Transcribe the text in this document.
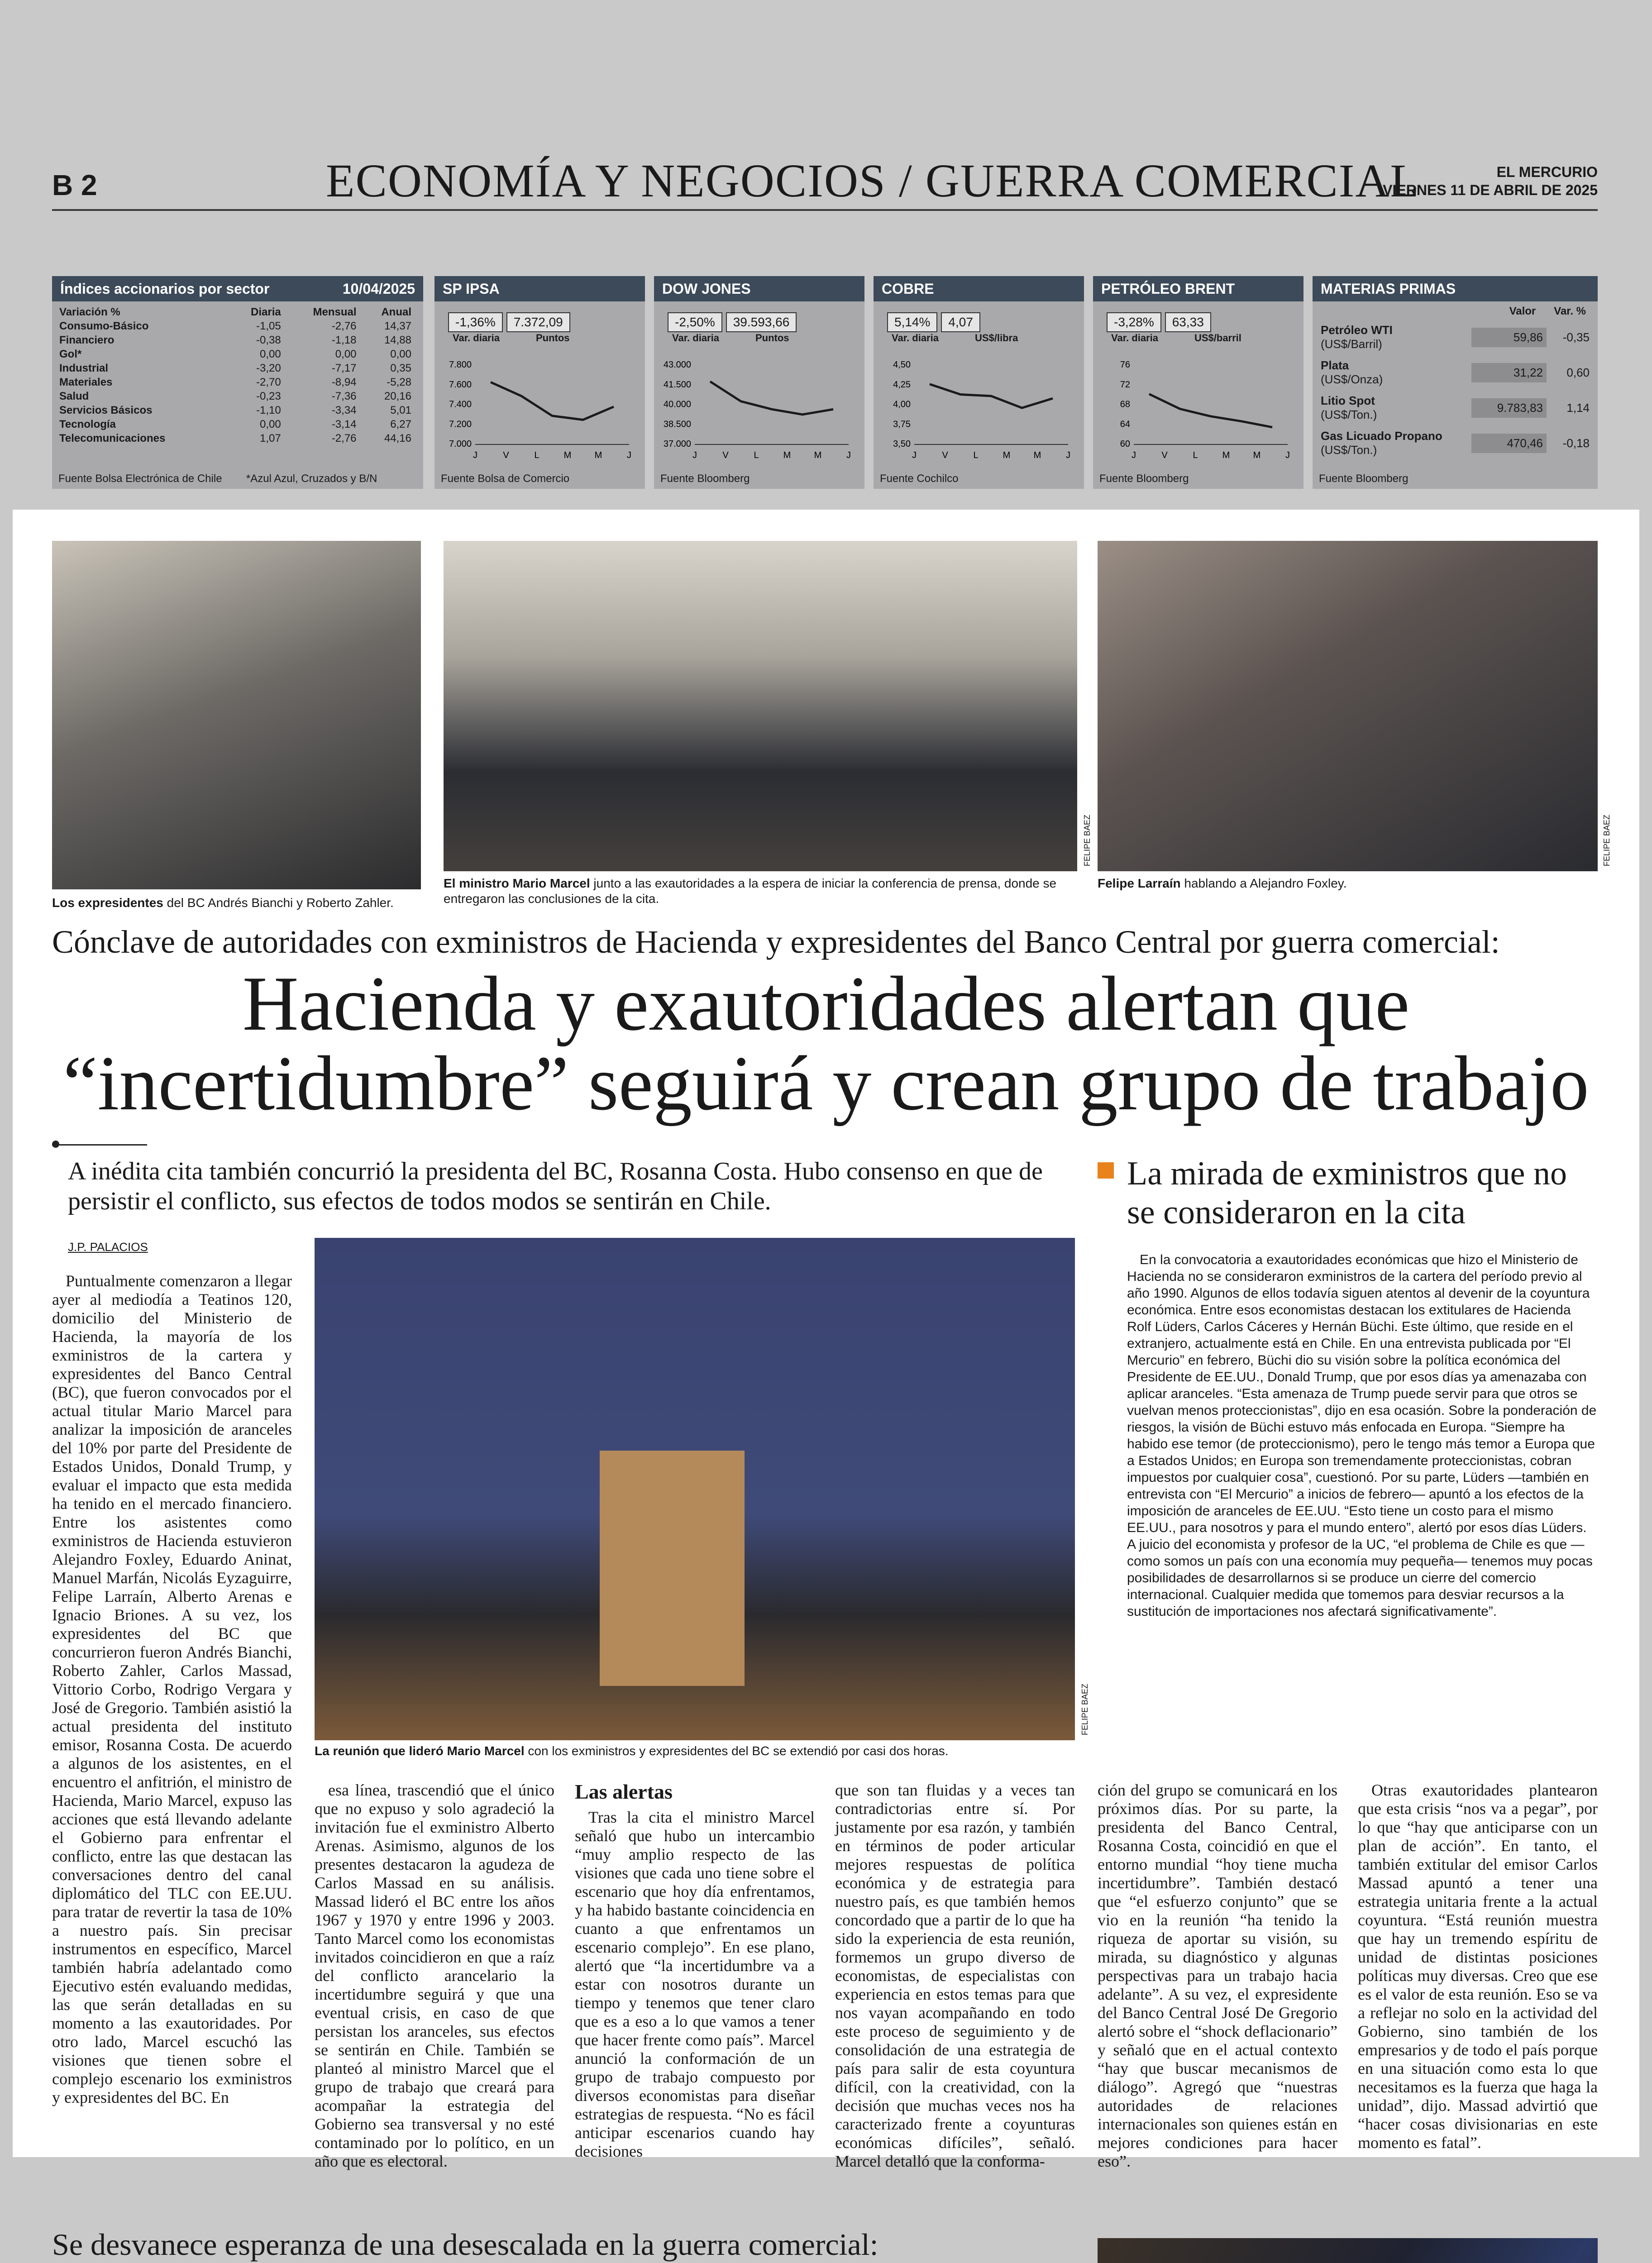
B 2	ECONOMÍA Y NEGOCIOS / GUERRA COMERCIAL	EL MERCURIO
VIERNES 11 DE ABRIL DE 2025
Índices accionarios por sector	10/04/2025
Variación %	Diaria	Mensual	Anual
Consumo-Básico	-1,05	-2,76	14,37
Financiero	-0,38	-1,18	14,88
Gol*	0,00	0,00	0,00
Industrial	-3,20	-7,17	0,35
Materiales	-2,70	-8,94	-5,28
Salud	-0,23	-7,36	20,16
Servicios Básicos	-1,10	-3,34	5,01
Tecnología	0,00	-3,14	6,27
Telecomunicaciones	1,07	-2,76	44,16
Fuente Bolsa Electrónica de Chile *Azul Azul, Cruzados y B/N
SP IPSA
-1,36% 7.372,09
Var. diaria	Puntos
7.800
7.600
7.400
7.200
7.000
J	V	L	M	M	J
Fuente Bolsa de Comercio
DOW JONES
-2,50% 39.593,66
Var. diaria	Puntos
43.000
41.500
40.000
38.500
37.000
J	V	L	M	M	J
Fuente Bloomberg
COBRE
5,14% 4,07
Var. diaria	US$/libra
4,50
4,25
4,00
3,75
3,50
J	V	L	M	M	J
Fuente Cochilco
PETRÓLEO BRENT
-3,28% 63,33
Var. diaria	US$/barril
76
72
68
64
60
J	V	L	M	M	J
Fuente Bloomberg
MATERIAS PRIMAS
Valor Var. %
Petróleo WTI
(US$/Barril)
59,86	-0,35
Plata
(US$/Onza)
31,22	0,60
Litio Spot
(US$/Ton.)
9.783,83	1,14
Gas Licuado Propano
(US$/Ton.)
470,46	-0,18
Fuente Bloomberg
Los expresidentes del BC Andrés Bianchi y Roberto Zahler.
El ministro Mario Marcel junto a las exautoridades a la espera de iniciar la conferencia de prensa, donde se entregaron las conclusiones de la cita.
FELIPE BAEZ
Felipe Larraín hablando a Alejandro Foxley.
FELIPE BAEZ
Cónclave de autoridades con exministros de Hacienda y expresidentes del Banco Central por guerra comercial:
Hacienda y exautoridades alertan que
“incertidumbre” seguirá y crean grupo de trabajo
A inédita cita también concurrió la presidenta del BC, Rosanna Costa. Hubo consenso en que de persistir el conflicto, sus efectos de todos modos se sentirán en Chile.
J.P. PALACIOS

Puntualmente comenzaron a llegar ayer al mediodía a Teatinos 120, domicilio del Ministerio de Hacienda, la mayoría de los exministros de la cartera y expresidentes del Banco Central (BC), que fueron convocados por el actual titular Mario Marcel para analizar la imposición de aranceles del 10% por parte del Presidente de Estados Unidos, Donald Trump, y evaluar el impacto que esta medida ha tenido en el mercado financiero. Entre los asistentes como exministros de Hacienda estuvieron Alejandro Foxley, Eduardo Aninat, Manuel Marfán, Nicolás Eyzaguirre, Felipe Larraín, Alberto Arenas e Ignacio Briones. A su vez, los expresidentes del BC que concurrieron fueron Andrés Bianchi, Roberto Zahler, Carlos Massad, Vittorio Corbo, Rodrigo Vergara y José de Gregorio. También asistió la actual presidenta del instituto emisor, Rosanna Costa. De acuerdo a algunos de los asistentes, en el encuentro el anfitrión, el ministro de Hacienda, Mario Marcel, expuso las acciones que está llevando adelante el Gobierno para enfrentar el conflicto, entre las que destacan las conversaciones dentro del canal diplomático del TLC con EE.UU. para tratar de revertir la tasa de 10% a nuestro país. Sin precisar instrumentos en específico, Marcel también habría adelantado como Ejecutivo estén evaluando medidas, las que serán detalladas en su momento a las exautoridades. Por otro lado, Marcel escuchó las visiones que tienen sobre el complejo escenario los exministros y expresidentes del BC. En

FELIPE BAEZ
La reunión que lideró Mario Marcel con los exministros y expresidentes del BC se extendió por casi dos horas.

esa línea, trascendió que el único que no expuso y solo agradeció la invitación fue el exministro Alberto Arenas. Asimismo, algunos de los presentes destacaron la agudeza de Carlos Massad en su análisis. Massad lideró el BC entre los años 1967 y 1970 y entre 1996 y 2003. Tanto Marcel como los economistas invitados coincidieron en que a raíz del conflicto arancelario la incertidumbre seguirá y que una eventual crisis, en caso de que persistan los aranceles, sus efectos se sentirán en Chile. También se planteó al ministro Marcel que el grupo de trabajo que creará para acompañar la estrategia del Gobierno sea transversal y no esté contaminado por lo político, en un año que es electoral.

Las alertas

Tras la cita el ministro Marcel señaló que hubo un intercambio “muy amplio respecto de las visiones que cada uno tiene sobre el escenario que hoy día enfrentamos, y ha habido bastante coincidencia en cuanto a que enfrentamos un escenario complejo”. En ese plano, alertó que “la incertidumbre va a estar con nosotros durante un tiempo y tenemos que tener claro que es a eso a lo que vamos a tener que hacer frente como país”. Marcel anunció la conformación de un grupo de trabajo compuesto por diversos economistas para diseñar estrategias de respuesta. “No es fácil anticipar escenarios cuando hay decisiones

que son tan fluidas y a veces tan contradictorias entre sí. Por justamente por esa razón, y también en términos de poder articular mejores respuestas de política económica y de estrategia para nuestro país, es que también hemos concordado que a partir de lo que ha sido la experiencia de esta reunión, formemos un grupo diverso de economistas, de especialistas con experiencia en estos temas para que nos vayan acompañando en todo este proceso de seguimiento y de consolidación de una estrategia de país para salir de esta coyuntura difícil, con la creatividad, con la decisión que muchas veces nos ha caracterizado frente a coyunturas económicas difíciles”, señaló. Marcel detalló que la conforma-

ción del grupo se comunicará en los próximos días. Por su parte, la presidenta del Banco Central, Rosanna Costa, coincidió en que el entorno mundial “hoy tiene mucha incertidumbre”. También destacó que “el esfuerzo conjunto” que se vio en la reunión “ha tenido la riqueza de aportar su visión, su mirada, su diagnóstico y algunas perspectivas para un trabajo hacia adelante”. A su vez, el expresidente del Banco Central José De Gregorio alertó sobre el “shock deflacionario” y señaló que en el actual contexto “hay que buscar mecanismos de diálogo”. Agregó que “nuestras autoridades de relaciones internacionales son quienes están en mejores condiciones para hacer eso”.

Otras exautoridades plantearon que esta crisis “nos va a pegar”, por lo que “hay que anticiparse con un plan de acción”. En tanto, el también extitular del emisor Carlos Massad apuntó a tener una estrategia unitaria frente a la actual coyuntura. “Está reunión muestra que hay un tremendo espíritu de unidad de distintas posiciones políticas muy diversas. Creo que ese es el valor de esta reunión. Eso se va a reflejar no solo en la actividad del Gobierno, sino también de los empresarios y de todo el país porque en una situación como esta lo que necesitamos es la fuerza que haga la unidad”, dijo. Massad advirtió que “hacer cosas divisionarias en este momento es fatal”.

La mirada de exministros que no se consideraron en la cita

En la convocatoria a exautoridades económicas que hizo el Ministerio de Hacienda no se consideraron exministros de la cartera del período previo al año 1990. Algunos de ellos todavía siguen atentos al devenir de la coyuntura económica. Entre esos economistas destacan los extitulares de Hacienda Rolf Lüders, Carlos Cáceres y Hernán Büchi. Este último, que reside en el extranjero, actualmente está en Chile. En una entrevista publicada por “El Mercurio” en febrero, Büchi dio su visión sobre la política económica del Presidente de EE.UU., Donald Trump, que por esos días ya amenazaba con aplicar aranceles. “Esta amenaza de Trump puede servir para que otros se vuelvan menos proteccionistas”, dijo en esa ocasión. Sobre la ponderación de riesgos, la visión de Büchi estuvo más enfocada en Europa. “Siempre ha habido ese temor (de proteccionismo), pero le tengo más temor a Europa que a Estados Unidos; en Europa son tremendamente proteccionistas, cobran impuestos por cualquier cosa”, cuestionó. Por su parte, Lüders —también en entrevista con “El Mercurio” a inicios de febrero— apuntó a los efectos de la imposición de aranceles de EE.UU. “Esto tiene un costo para el mismo EE.UU., para nosotros y para el mundo entero”, alertó por esos días Lüders. A juicio del economista y profesor de la UC, “el problema de Chile es que —como somos un país con una economía muy pequeña— tenemos muy pocas posibilidades de desarrollarnos si se produce un cierre del comercio internacional. Cualquier medida que tomemos para desviar recursos a la sustitución de importaciones nos afectará significativamente”.

Se desvanece esperanza de una desescalada en la guerra comercial:
